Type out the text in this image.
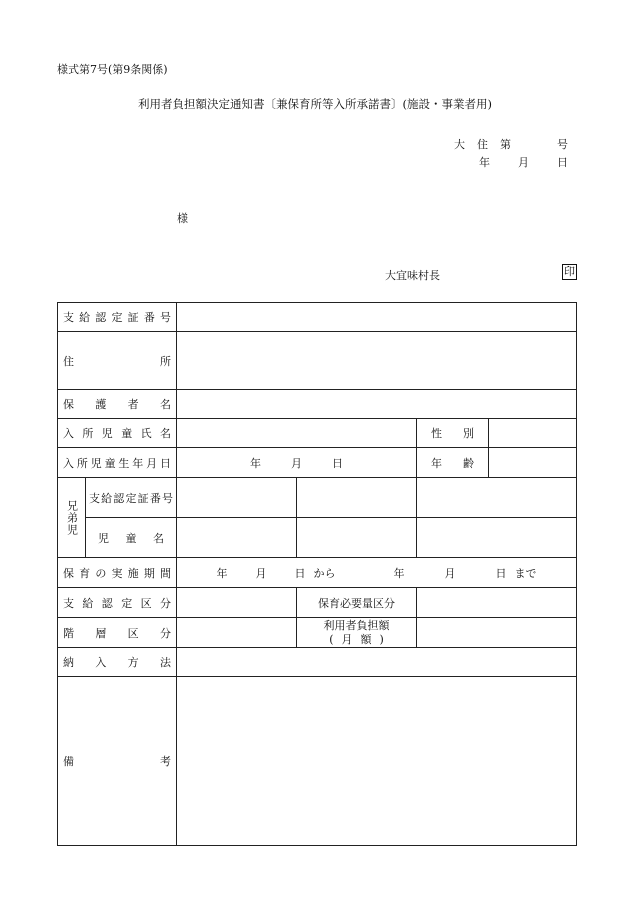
様式第7号(第9条関係)
利用者負担額決定通知書〔兼保育所等入所承諾書〕(施設・事業者用)
大 住 第	号
年	月	日
様
大宜味村長	印
支給認定証番号					

住 所					

保護者名					
入所児童氏名				性別	

入所児童生年月日		年 月 日		年齢	

兄弟児	支給認定証番号				

	児童名				

保育の実施期間		年 月 日 から 年 月 日 まで			
支給認定区分			保育必要量区分		
階層区分			利用者負担額
(月額)		

納入方法					

備 考					
